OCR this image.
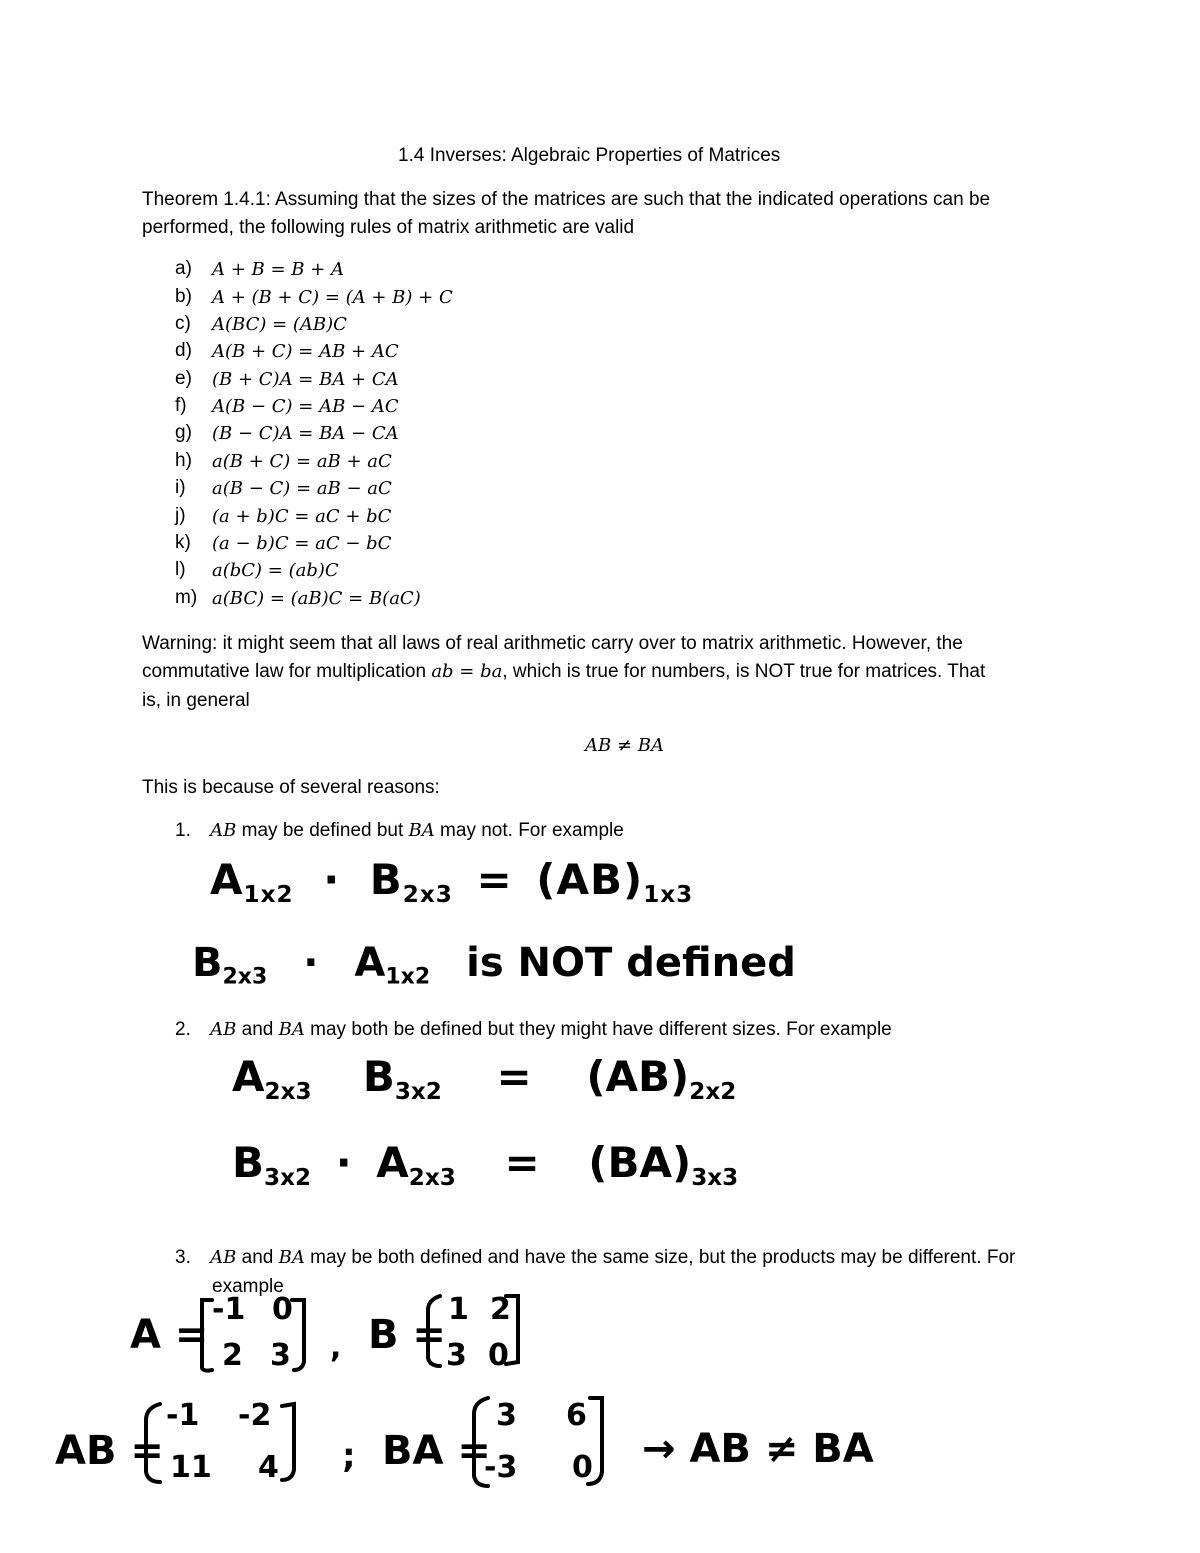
1.4 Inverses: Algebraic Properties of Matrices
Theorem 1.4.1: Assuming that the sizes of the matrices are such that the indicated operations can be
performed, the following rules of matrix arithmetic are valid
a) A + B = B + A
b) A + (B + C) = (A + B) + C
c) A(BC) = (AB)C
d) A(B + C) = AB + AC
e) (B + C)A = BA + CA
f) A(B − C) = AB − AC
g) (B − C)A = BA − CA
h) a(B + C) = aB + aC
i) a(B − C) = aB − aC
j) (a + b)C = aC + bC
k) (a − b)C = aC − bC
l) a(bC) = (ab)C
m) a(BC) = (aB)C = B(aC)
Warning: it might seem that all laws of real arithmetic carry over to matrix arithmetic. However, the
commutative law for multiplication ab = ba, which is true for numbers, is NOT true for matrices. That
is, in general
AB ≠ BA
This is because of several reasons:
1. AB may be defined but BA may not. For example
$A_{1x2} \cdot B_{2x3} = (AB)_{1x3}$
$B_{2x3} \cdot A_{1x2}$ is NOT defined
2. AB and BA may both be defined but they might have different sizes. For example
$A_{2x3}$ $B_{3x2} = (AB)_{2x2}$
$B_{3x2} \cdot A_{2x3} = (BA)_{3x3}$
3. AB and BA may be both defined and have the same size, but the products may be different. For
example
A =
-1 0
2 3 , B =
1 2
3 0
AB =
-1 -2
11 4 ; BA =
3 6
-3 0 → AB ≠ BA
